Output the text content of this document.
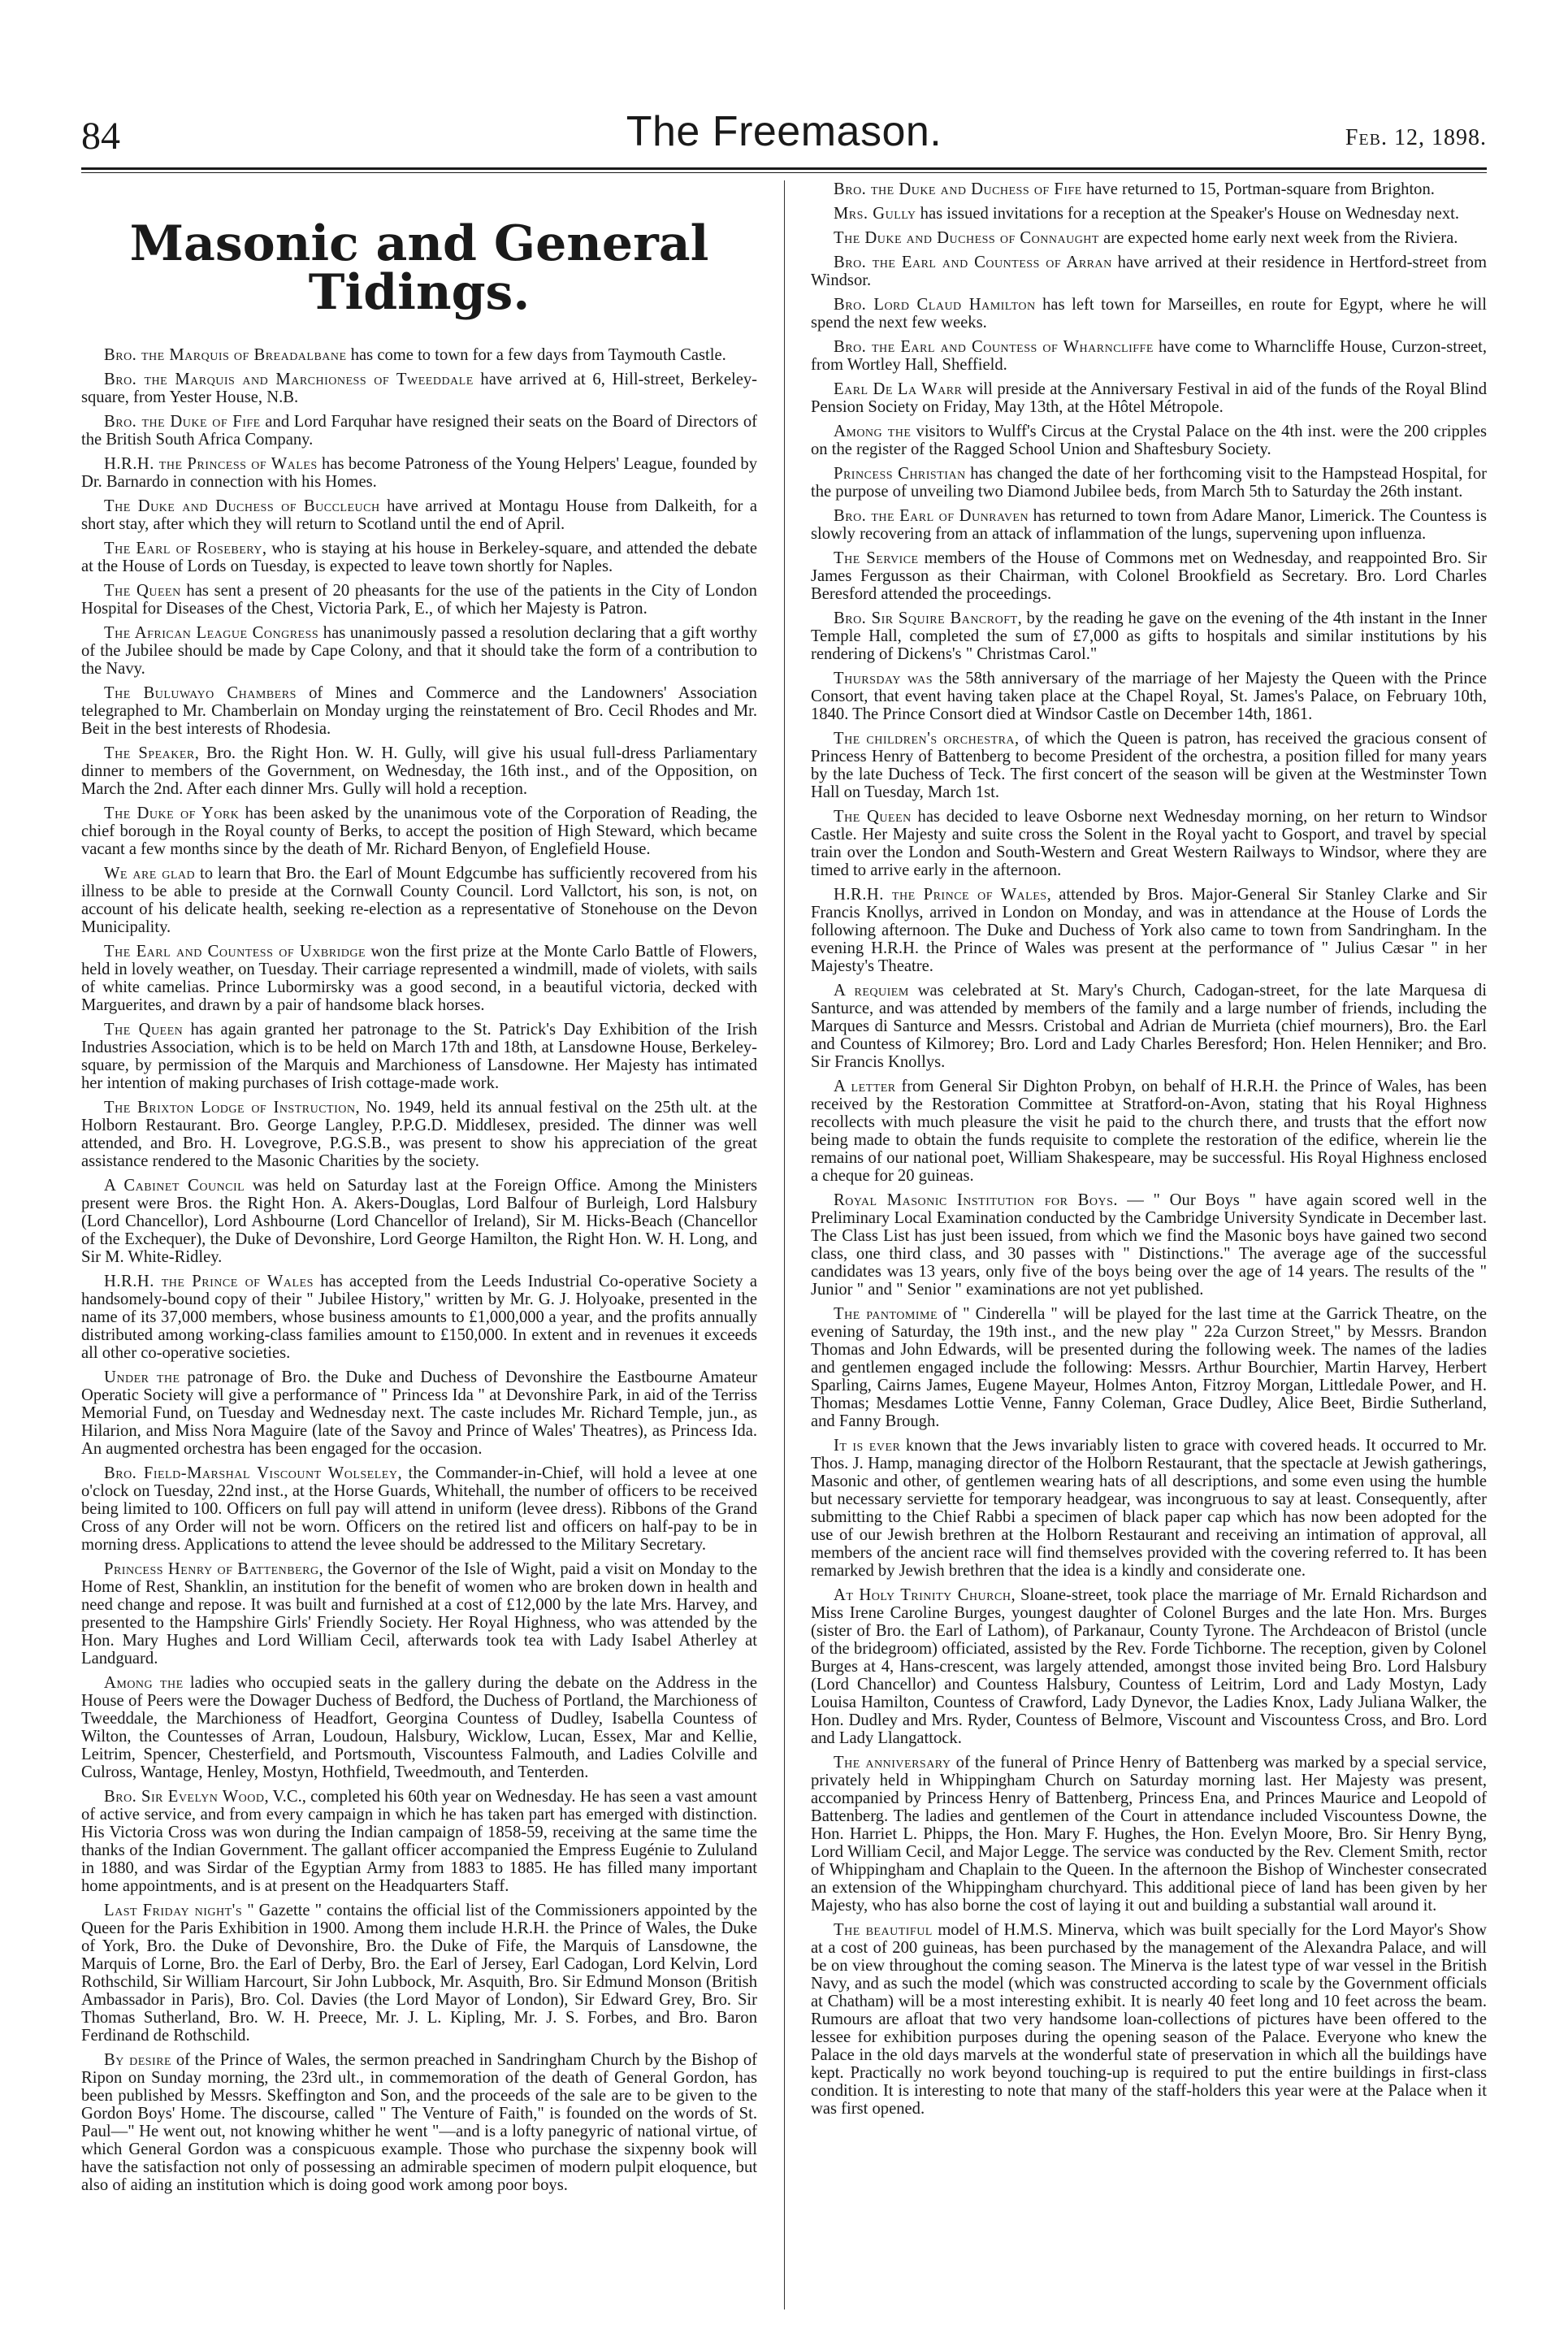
84	The Freemason.	Feb. 12, 1898.
Masonic and General Tidings.

Bro. the Marquis of Breadalbane has come to town for a few days from Taymouth Castle.

Bro. the Marquis and Marchioness of Tweeddale have arrived at 6, Hill-street, Berkeley-square, from Yester House, N.B.

Bro. the Duke of Fife and Lord Farquhar have resigned their seats on the Board of Directors of the British South Africa Company.

H.R.H. the Princess of Wales has become Patroness of the Young Helpers' League, founded by Dr. Barnardo in connection with his Homes.

The Duke and Duchess of Buccleuch have arrived at Montagu House from Dalkeith, for a short stay, after which they will return to Scotland until the end of April.

The Earl of Rosebery, who is staying at his house in Berkeley-square, and attended the debate at the House of Lords on Tuesday, is expected to leave town shortly for Naples.

The Queen has sent a present of 20 pheasants for the use of the patients in the City of London Hospital for Diseases of the Chest, Victoria Park, E., of which her Majesty is Patron.

The African League Congress has unanimously passed a resolution declaring that a gift worthy of the Jubilee should be made by Cape Colony, and that it should take the form of a contribution to the Navy.

The Buluwayo Chambers of Mines and Commerce and the Landowners' Association telegraphed to Mr. Chamberlain on Monday urging the reinstatement of Bro. Cecil Rhodes and Mr. Beit in the best interests of Rhodesia.

The Speaker, Bro. the Right Hon. W. H. Gully, will give his usual full-dress Parliamentary dinner to members of the Government, on Wednesday, the 16th inst., and of the Opposition, on March the 2nd. After each dinner Mrs. Gully will hold a reception.

The Duke of York has been asked by the unanimous vote of the Corporation of Reading, the chief borough in the Royal county of Berks, to accept the position of High Steward, which became vacant a few months since by the death of Mr. Richard Benyon, of Englefield House.

We are glad to learn that Bro. the Earl of Mount Edgcumbe has sufficiently recovered from his illness to be able to preside at the Cornwall County Council. Lord Vallctort, his son, is not, on account of his delicate health, seeking re-election as a representative of Stonehouse on the Devon Municipality.

The Earl and Countess of Uxbridge won the first prize at the Monte Carlo Battle of Flowers, held in lovely weather, on Tuesday. Their carriage represented a windmill, made of violets, with sails of white camelias. Prince Lubormirsky was a good second, in a beautiful victoria, decked with Marguerites, and drawn by a pair of handsome black horses.

The Queen has again granted her patronage to the St. Patrick's Day Exhibition of the Irish Industries Association, which is to be held on March 17th and 18th, at Lansdowne House, Berkeley-square, by permission of the Marquis and Marchioness of Lansdowne. Her Majesty has intimated her intention of making purchases of Irish cottage-made work.

The Brixton Lodge of Instruction, No. 1949, held its annual festival on the 25th ult. at the Holborn Restaurant. Bro. George Langley, P.P.G.D. Middlesex, presided. The dinner was well attended, and Bro. H. Lovegrove, P.G.S.B., was present to show his appreciation of the great assistance rendered to the Masonic Charities by the society.

A Cabinet Council was held on Saturday last at the Foreign Office. Among the Ministers present were Bros. the Right Hon. A. Akers-Douglas, Lord Balfour of Burleigh, Lord Halsbury (Lord Chancellor), Lord Ashbourne (Lord Chancellor of Ireland), Sir M. Hicks-Beach (Chancellor of the Exchequer), the Duke of Devonshire, Lord George Hamilton, the Right Hon. W. H. Long, and Sir M. White-Ridley.

H.R.H. the Prince of Wales has accepted from the Leeds Industrial Co-operative Society a handsomely-bound copy of their " Jubilee History," written by Mr. G. J. Holyoake, presented in the name of its 37,000 members, whose business amounts to £1,000,000 a year, and the profits annually distributed among working-class families amount to £150,000. In extent and in revenues it exceeds all other co-operative societies.

Under the patronage of Bro. the Duke and Duchess of Devonshire the Eastbourne Amateur Operatic Society will give a performance of " Princess Ida " at Devonshire Park, in aid of the Terriss Memorial Fund, on Tuesday and Wednesday next. The caste includes Mr. Richard Temple, jun., as Hilarion, and Miss Nora Maguire (late of the Savoy and Prince of Wales' Theatres), as Princess Ida. An augmented orchestra has been engaged for the occasion.

Bro. Field-Marshal Viscount Wolseley, the Commander-in-Chief, will hold a levee at one o'clock on Tuesday, 22nd inst., at the Horse Guards, Whitehall, the number of officers to be received being limited to 100. Officers on full pay will attend in uniform (levee dress). Ribbons of the Grand Cross of any Order will not be worn. Officers on the retired list and officers on half-pay to be in morning dress. Applications to attend the levee should be addressed to the Military Secretary.

Princess Henry of Battenberg, the Governor of the Isle of Wight, paid a visit on Monday to the Home of Rest, Shanklin, an institution for the benefit of women who are broken down in health and need change and repose. It was built and furnished at a cost of £12,000 by the late Mrs. Harvey, and presented to the Hampshire Girls' Friendly Society. Her Royal Highness, who was attended by the Hon. Mary Hughes and Lord William Cecil, afterwards took tea with Lady Isabel Atherley at Landguard.

Among the ladies who occupied seats in the gallery during the debate on the Address in the House of Peers were the Dowager Duchess of Bedford, the Duchess of Portland, the Marchioness of Tweeddale, the Marchioness of Headfort, Georgina Countess of Dudley, Isabella Countess of Wilton, the Countesses of Arran, Loudoun, Halsbury, Wicklow, Lucan, Essex, Mar and Kellie, Leitrim, Spencer, Chesterfield, and Portsmouth, Viscountess Falmouth, and Ladies Colville and Culross, Wantage, Henley, Mostyn, Hothfield, Tweedmouth, and Tenterden.

Bro. Sir Evelyn Wood, V.C., completed his 60th year on Wednesday. He has seen a vast amount of active service, and from every campaign in which he has taken part has emerged with distinction. His Victoria Cross was won during the Indian campaign of 1858-59, receiving at the same time the thanks of the Indian Government. The gallant officer accompanied the Empress Eugénie to Zululand in 1880, and was Sirdar of the Egyptian Army from 1883 to 1885. He has filled many important home appointments, and is at present on the Headquarters Staff.

Last Friday night's " Gazette " contains the official list of the Commissioners appointed by the Queen for the Paris Exhibition in 1900. Among them include H.R.H. the Prince of Wales, the Duke of York, Bro. the Duke of Devonshire, Bro. the Duke of Fife, the Marquis of Lansdowne, the Marquis of Lorne, Bro. the Earl of Derby, Bro. the Earl of Jersey, Earl Cadogan, Lord Kelvin, Lord Rothschild, Sir William Harcourt, Sir John Lubbock, Mr. Asquith, Bro. Sir Edmund Monson (British Ambassador in Paris), Bro. Col. Davies (the Lord Mayor of London), Sir Edward Grey, Bro. Sir Thomas Sutherland, Bro. W. H. Preece, Mr. J. L. Kipling, Mr. J. S. Forbes, and Bro. Baron Ferdinand de Rothschild.

By desire of the Prince of Wales, the sermon preached in Sandringham Church by the Bishop of Ripon on Sunday morning, the 23rd ult., in commemoration of the death of General Gordon, has been published by Messrs. Skeffington and Son, and the proceeds of the sale are to be given to the Gordon Boys' Home. The discourse, called " The Venture of Faith," is founded on the words of St. Paul—" He went out, not knowing whither he went "—and is a lofty panegyric of national virtue, of which General Gordon was a conspicuous example. Those who purchase the sixpenny book will have the satisfaction not only of possessing an admirable specimen of modern pulpit eloquence, but also of aiding an institution which is doing good work among poor boys.

Bro. the Duke and Duchess of Fife have returned to 15, Portman-square from Brighton.

Mrs. Gully has issued invitations for a reception at the Speaker's House on Wednesday next.

The Duke and Duchess of Connaught are expected home early next week from the Riviera.

Bro. the Earl and Countess of Arran have arrived at their residence in Hertford-street from Windsor.

Bro. Lord Claud Hamilton has left town for Marseilles, en route for Egypt, where he will spend the next few weeks.

Bro. the Earl and Countess of Wharncliffe have come to Wharncliffe House, Curzon-street, from Wortley Hall, Sheffield.

Earl De La Warr will preside at the Anniversary Festival in aid of the funds of the Royal Blind Pension Society on Friday, May 13th, at the Hôtel Métropole.

Among the visitors to Wulff's Circus at the Crystal Palace on the 4th inst. were the 200 cripples on the register of the Ragged School Union and Shaftesbury Society.

Princess Christian has changed the date of her forthcoming visit to the Hampstead Hospital, for the purpose of unveiling two Diamond Jubilee beds, from March 5th to Saturday the 26th instant.

Bro. the Earl of Dunraven has returned to town from Adare Manor, Limerick. The Countess is slowly recovering from an attack of inflammation of the lungs, supervening upon influenza.

The Service members of the House of Commons met on Wednesday, and reappointed Bro. Sir James Fergusson as their Chairman, with Colonel Brookfield as Secretary. Bro. Lord Charles Beresford attended the proceedings.

Bro. Sir Squire Bancroft, by the reading he gave on the evening of the 4th instant in the Inner Temple Hall, completed the sum of £7,000 as gifts to hospitals and similar institutions by his rendering of Dickens's " Christmas Carol."

Thursday was the 58th anniversary of the marriage of her Majesty the Queen with the Prince Consort, that event having taken place at the Chapel Royal, St. James's Palace, on February 10th, 1840. The Prince Consort died at Windsor Castle on December 14th, 1861.

The children's orchestra, of which the Queen is patron, has received the gracious consent of Princess Henry of Battenberg to become President of the orchestra, a position filled for many years by the late Duchess of Teck. The first concert of the season will be given at the Westminster Town Hall on Tuesday, March 1st.

The Queen has decided to leave Osborne next Wednesday morning, on her return to Windsor Castle. Her Majesty and suite cross the Solent in the Royal yacht to Gosport, and travel by special train over the London and South-Western and Great Western Railways to Windsor, where they are timed to arrive early in the afternoon.

H.R.H. the Prince of Wales, attended by Bros. Major-General Sir Stanley Clarke and Sir Francis Knollys, arrived in London on Monday, and was in attendance at the House of Lords the following afternoon. The Duke and Duchess of York also came to town from Sandringham. In the evening H.R.H. the Prince of Wales was present at the performance of " Julius Cæsar " in her Majesty's Theatre.

A requiem was celebrated at St. Mary's Church, Cadogan-street, for the late Marquesa di Santurce, and was attended by members of the family and a large number of friends, including the Marques di Santurce and Messrs. Cristobal and Adrian de Murrieta (chief mourners), Bro. the Earl and Countess of Kilmorey; Bro. Lord and Lady Charles Beresford; Hon. Helen Henniker; and Bro. Sir Francis Knollys.

A letter from General Sir Dighton Probyn, on behalf of H.R.H. the Prince of Wales, has been received by the Restoration Committee at Stratford-on-Avon, stating that his Royal Highness recollects with much pleasure the visit he paid to the church there, and trusts that the effort now being made to obtain the funds requisite to complete the restoration of the edifice, wherein lie the remains of our national poet, William Shakespeare, may be successful. His Royal Highness enclosed a cheque for 20 guineas.

Royal Masonic Institution for Boys. — " Our Boys " have again scored well in the Preliminary Local Examination conducted by the Cambridge University Syndicate in December last. The Class List has just been issued, from which we find the Masonic boys have gained two second class, one third class, and 30 passes with " Distinctions." The average age of the successful candidates was 13 years, only five of the boys being over the age of 14 years. The results of the " Junior " and " Senior " examinations are not yet published.

The pantomime of " Cinderella " will be played for the last time at the Garrick Theatre, on the evening of Saturday, the 19th inst., and the new play " 22a Curzon Street," by Messrs. Brandon Thomas and John Edwards, will be presented during the following week. The names of the ladies and gentlemen engaged include the following: Messrs. Arthur Bourchier, Martin Harvey, Herbert Sparling, Cairns James, Eugene Mayeur, Holmes Anton, Fitzroy Morgan, Littledale Power, and H. Thomas; Mesdames Lottie Venne, Fanny Coleman, Grace Dudley, Alice Beet, Birdie Sutherland, and Fanny Brough.

It is ever known that the Jews invariably listen to grace with covered heads. It occurred to Mr. Thos. J. Hamp, managing director of the Holborn Restaurant, that the spectacle at Jewish gatherings, Masonic and other, of gentlemen wearing hats of all descriptions, and some even using the humble but necessary serviette for temporary headgear, was incongruous to say at least. Consequently, after submitting to the Chief Rabbi a specimen of black paper cap which has now been adopted for the use of our Jewish brethren at the Holborn Restaurant and receiving an intimation of approval, all members of the ancient race will find themselves provided with the covering referred to. It has been remarked by Jewish brethren that the idea is a kindly and considerate one.

At Holy Trinity Church, Sloane-street, took place the marriage of Mr. Ernald Richardson and Miss Irene Caroline Burges, youngest daughter of Colonel Burges and the late Hon. Mrs. Burges (sister of Bro. the Earl of Lathom), of Parkanaur, County Tyrone. The Archdeacon of Bristol (uncle of the bridegroom) officiated, assisted by the Rev. Forde Tichborne. The reception, given by Colonel Burges at 4, Hans-crescent, was largely attended, amongst those invited being Bro. Lord Halsbury (Lord Chancellor) and Countess Halsbury, Countess of Leitrim, Lord and Lady Mostyn, Lady Louisa Hamilton, Countess of Crawford, Lady Dynevor, the Ladies Knox, Lady Juliana Walker, the Hon. Dudley and Mrs. Ryder, Countess of Belmore, Viscount and Viscountess Cross, and Bro. Lord and Lady Llangattock.

The anniversary of the funeral of Prince Henry of Battenberg was marked by a special service, privately held in Whippingham Church on Saturday morning last. Her Majesty was present, accompanied by Princess Henry of Battenberg, Princess Ena, and Princes Maurice and Leopold of Battenberg. The ladies and gentlemen of the Court in attendance included Viscountess Downe, the Hon. Harriet L. Phipps, the Hon. Mary F. Hughes, the Hon. Evelyn Moore, Bro. Sir Henry Byng, Lord William Cecil, and Major Legge. The service was conducted by the Rev. Clement Smith, rector of Whippingham and Chaplain to the Queen. In the afternoon the Bishop of Winchester consecrated an extension of the Whippingham churchyard. This additional piece of land has been given by her Majesty, who has also borne the cost of laying it out and building a substantial wall around it.

The beautiful model of H.M.S. Minerva, which was built specially for the Lord Mayor's Show at a cost of 200 guineas, has been purchased by the management of the Alexandra Palace, and will be on view throughout the coming season. The Minerva is the latest type of war vessel in the British Navy, and as such the model (which was constructed according to scale by the Government officials at Chatham) will be a most interesting exhibit. It is nearly 40 feet long and 10 feet across the beam. Rumours are afloat that two very handsome loan-collections of pictures have been offered to the lessee for exhibition purposes during the opening season of the Palace. Everyone who knew the Palace in the old days marvels at the wonderful state of preservation in which all the buildings have kept. Practically no work beyond touching-up is required to put the entire buildings in first-class condition. It is interesting to note that many of the staff-holders this year were at the Palace when it was first opened.
